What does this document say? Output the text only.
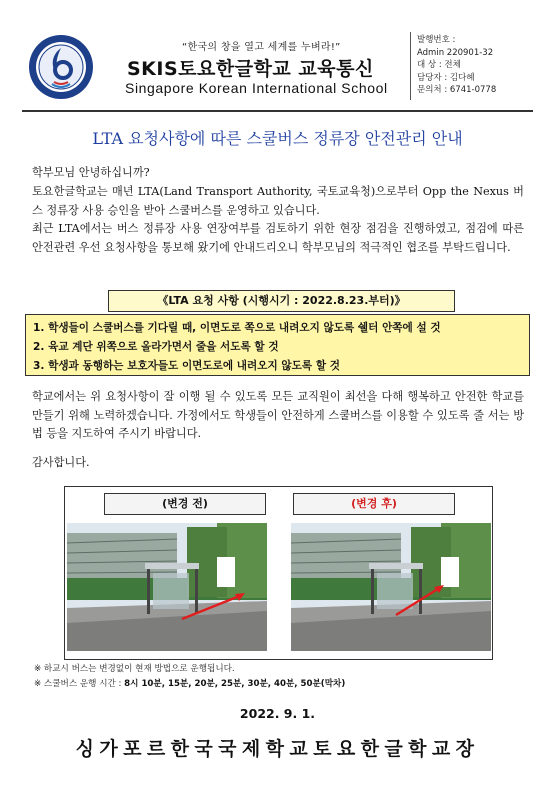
“한국의 창을 열고 세계를 누벼라!”
SKIS토요한글학교 교육통신
Singapore Korean International School
발행번호 :
Admin 220901-32
대 상 : 전체
담당자 : 김다혜
문의처 : 6741-0778
LTA 요청사항에 따른 스쿨버스 정류장 안전관리 안내
학부모님 안녕하십니까?
토요한글학교는 매년 LTA(Land Transport Authority, 국토교육청)으로부터 Opp the Nexus 버스 정류장 사용 승인을 받아 스쿨버스를 운영하고 있습니다.
최근 LTA에서는 버스 정류장 사용 연장여부를 검토하기 위한 현장 점검을 진행하였고, 점검에 따른 안전관련 우선 요청사항을 통보해 왔기에 안내드리오니 학부모님의 적극적인 협조를 부탁드립니다.
《LTA 요청 사항 (시행시기 : 2022.8.23.부터)》
1. 학생들이 스쿨버스를 기다릴 때, 이면도로 쪽으로 내려오지 않도록 쉘터 안쪽에 설 것
2. 육교 계단 위쪽으로 올라가면서 줄을 서도록 할 것
3. 학생과 동행하는 보호자들도 이면도로에 내려오지 않도록 할 것
학교에서는 위 요청사항이 잘 이행 될 수 있도록 모든 교직원이 최선을 다해 행복하고 안전한 학교를 만들기 위해 노력하겠습니다. 가정에서도 학생들이 안전하게 스쿨버스를 이용할 수 있도록 줄 서는 방법 등을 지도하여 주시기 바랍니다.
감사합니다.
(변경 전)	(변경 후)
※ 하교시 버스는 변경없이 현재 방법으로 운행됩니다.
※ 스쿨버스 운행 시간 : 8시 10분, 15분, 20분, 25분, 30분, 40분, 50분(막차)
2022. 9. 1.
싱가포르한국국제학교토요한글학교장
